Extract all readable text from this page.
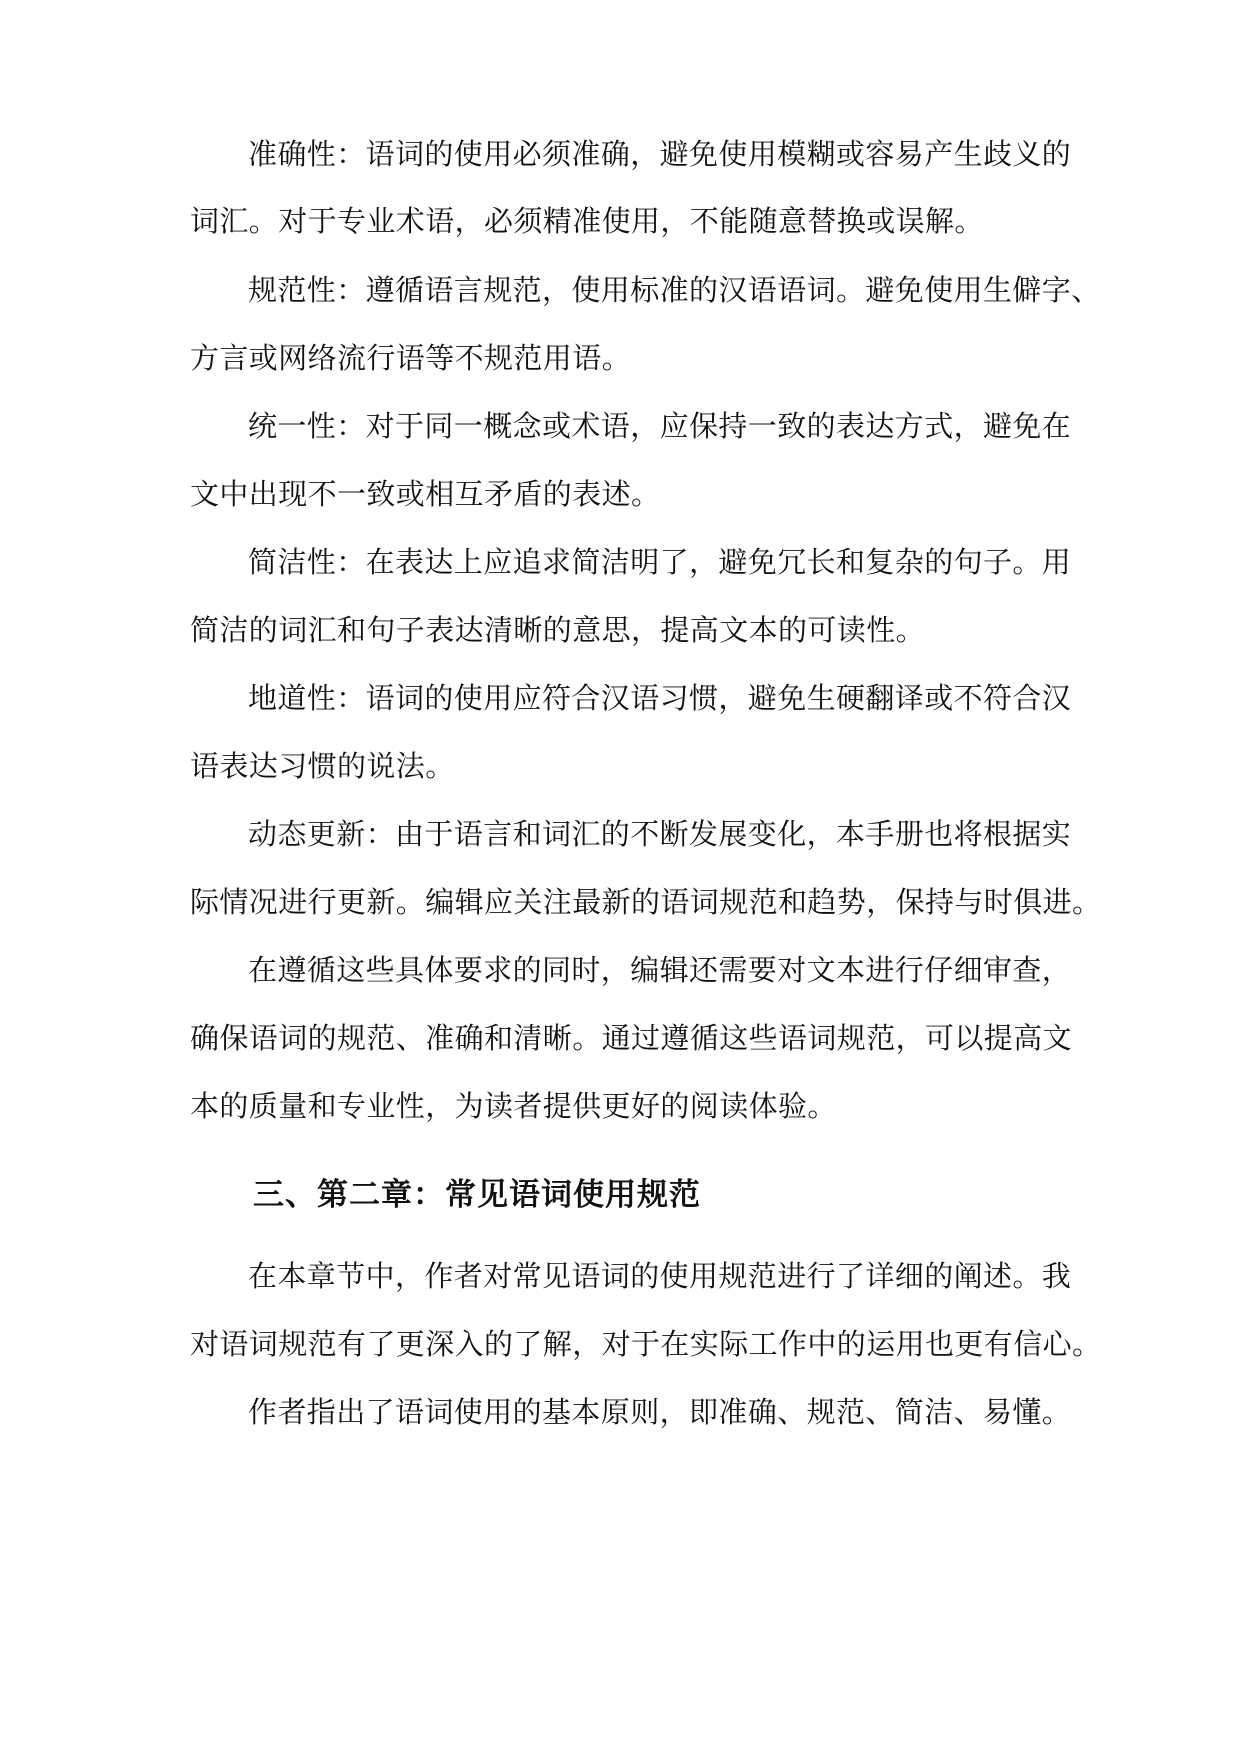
准确性：语词的使用必须准确，避免使用模糊或容易产生歧义的
词汇。对于专业术语，必须精准使用，不能随意替换或误解。
规范性：遵循语言规范，使用标准的汉语语词。避免使用生僻字、
方言或网络流行语等不规范用语。
统一性：对于同一概念或术语，应保持一致的表达方式，避免在
文中出现不一致或相互矛盾的表述。
简洁性：在表达上应追求简洁明了，避免冗长和复杂的句子。用
简洁的词汇和句子表达清晰的意思，提高文本的可读性。
地道性：语词的使用应符合汉语习惯，避免生硬翻译或不符合汉
语表达习惯的说法。
动态更新：由于语言和词汇的不断发展变化，本手册也将根据实
际情况进行更新。编辑应关注最新的语词规范和趋势，保持与时俱进。
在遵循这些具体要求的同时，编辑还需要对文本进行仔细审查，
确保语词的规范、准确和清晰。通过遵循这些语词规范，可以提高文
本的质量和专业性，为读者提供更好的阅读体验。
三、第二章：常见语词使用规范
在本章节中，作者对常见语词的使用规范进行了详细的阐述。我
对语词规范有了更深入的了解，对于在实际工作中的运用也更有信心。
作者指出了语词使用的基本原则，即准确、规范、简洁、易懂。
